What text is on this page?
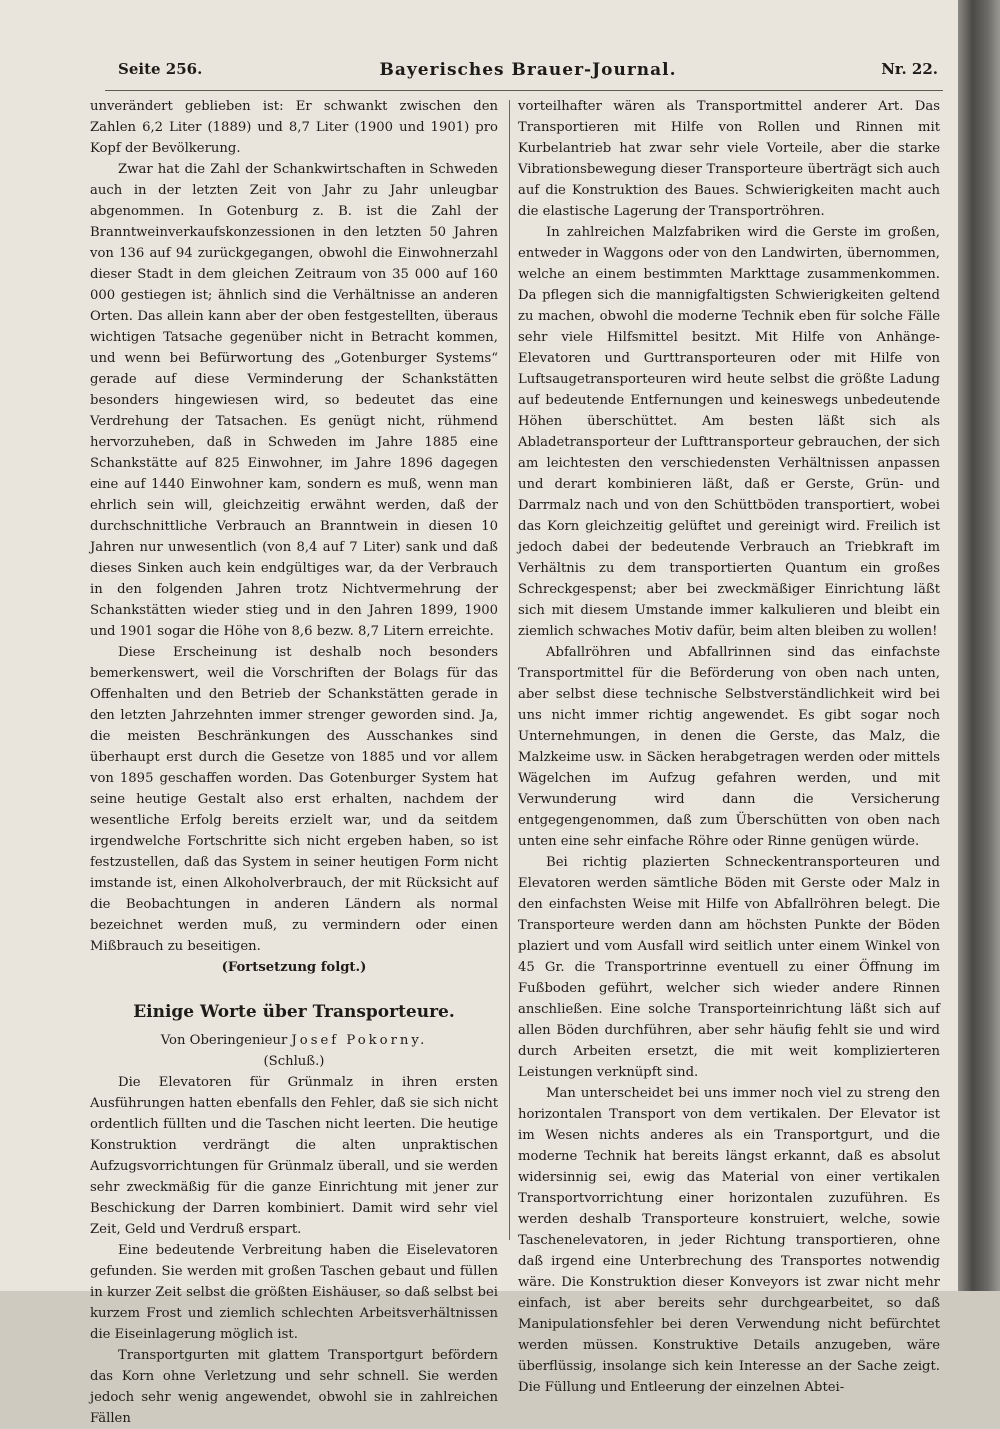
Seite 256.	Bayerisches Brauer-Journal.	Nr. 22.

unverändert geblieben ist: Er schwankt zwischen den Zahlen 6,2 Liter (1889) und 8,7 Liter (1900 und 1901) pro Kopf der Bevölkerung.

Zwar hat die Zahl der Schankwirtschaften in Schweden auch in der letzten Zeit von Jahr zu Jahr unleugbar abgenommen. In Gotenburg z. B. ist die Zahl der Branntweinverkaufskonzessionen in den letzten 50 Jahren von 136 auf 94 zurückgegangen, obwohl die Einwohnerzahl dieser Stadt in dem gleichen Zeitraum von 35 000 auf 160 000 gestiegen ist; ähnlich sind die Verhältnisse an anderen Orten. Das allein kann aber der oben festgestellten, überaus wichtigen Tatsache gegenüber nicht in Betracht kommen, und wenn bei Befürwortung des „Gotenburger Systems“ gerade auf diese Verminderung der Schankstätten besonders hingewiesen wird, so bedeutet das eine Verdrehung der Tatsachen. Es genügt nicht, rühmend hervorzuheben, daß in Schweden im Jahre 1885 eine Schankstätte auf 825 Einwohner, im Jahre 1896 dagegen eine auf 1440 Einwohner kam, sondern es muß, wenn man ehrlich sein will, gleichzeitig erwähnt werden, daß der durchschnittliche Verbrauch an Branntwein in diesen 10 Jahren nur unwesentlich (von 8,4 auf 7 Liter) sank und daß dieses Sinken auch kein endgültiges war, da der Verbrauch in den folgenden Jahren trotz Nichtvermehrung der Schankstätten wieder stieg und in den Jahren 1899, 1900 und 1901 sogar die Höhe von 8,6 bezw. 8,7 Litern erreichte.

Diese Erscheinung ist deshalb noch besonders bemerkenswert, weil die Vorschriften der Bolags für das Offenhalten und den Betrieb der Schankstätten gerade in den letzten Jahrzehnten immer strenger geworden sind. Ja, die meisten Beschränkungen des Ausschankes sind überhaupt erst durch die Gesetze von 1885 und vor allem von 1895 geschaffen worden. Das Gotenburger System hat seine heutige Gestalt also erst erhalten, nachdem der wesentliche Erfolg bereits erzielt war, und da seitdem irgendwelche Fortschritte sich nicht ergeben haben, so ist festzustellen, daß das System in seiner heutigen Form nicht imstande ist, einen Alkoholverbrauch, der mit Rücksicht auf die Beobachtungen in anderen Ländern als normal bezeichnet werden muß, zu vermindern oder einen Mißbrauch zu beseitigen.

(Fortsetzung folgt.)

Einige Worte über Transporteure.

Von Oberingenieur Josef Pokorny.

(Schluß.)

Die Elevatoren für Grünmalz in ihren ersten Ausführungen hatten ebenfalls den Fehler, daß sie sich nicht ordentlich füllten und die Taschen nicht leerten. Die heutige Konstruktion verdrängt die alten unpraktischen Aufzugsvorrichtungen für Grünmalz überall, und sie werden sehr zweckmäßig für die ganze Einrichtung mit jener zur Beschickung der Darren kombiniert. Damit wird sehr viel Zeit, Geld und Verdruß erspart.

Eine bedeutende Verbreitung haben die Eiselevatoren gefunden. Sie werden mit großen Taschen gebaut und füllen in kurzer Zeit selbst die größten Eishäuser, so daß selbst bei kurzem Frost und ziemlich schlechten Arbeitsverhältnissen die Eiseinlagerung möglich ist.

Transportgurten mit glattem Transportgurt befördern das Korn ohne Verletzung und sehr schnell. Sie werden jedoch sehr wenig angewendet, obwohl sie in zahlreichen Fällen

vorteilhafter wären als Transportmittel anderer Art. Das Transportieren mit Hilfe von Rollen und Rinnen mit Kurbelantrieb hat zwar sehr viele Vorteile, aber die starke Vibrationsbewegung dieser Transporteure überträgt sich auch auf die Konstruktion des Baues. Schwierigkeiten macht auch die elastische Lagerung der Transportröhren.

In zahlreichen Malzfabriken wird die Gerste im großen, entweder in Waggons oder von den Landwirten, übernommen, welche an einem bestimmten Markttage zusammenkommen. Da pflegen sich die mannigfaltigsten Schwierigkeiten geltend zu machen, obwohl die moderne Technik eben für solche Fälle sehr viele Hilfsmittel besitzt. Mit Hilfe von Anhänge-Elevatoren und Gurttransporteuren oder mit Hilfe von Luftsaugetransporteuren wird heute selbst die größte Ladung auf bedeutende Entfernungen und keineswegs unbedeutende Höhen überschüttet. Am besten läßt sich als Abladetransporteur der Lufttransporteur gebrauchen, der sich am leichtesten den verschiedensten Verhältnissen anpassen und derart kombinieren läßt, daß er Gerste, Grün- und Darrmalz nach und von den Schüttböden transportiert, wobei das Korn gleichzeitig gelüftet und gereinigt wird. Freilich ist jedoch dabei der bedeutende Verbrauch an Triebkraft im Verhältnis zu dem transportierten Quantum ein großes Schreckgespenst; aber bei zweckmäßiger Einrichtung läßt sich mit diesem Umstande immer kalkulieren und bleibt ein ziemlich schwaches Motiv dafür, beim alten bleiben zu wollen!

Abfallröhren und Abfallrinnen sind das einfachste Transportmittel für die Beförderung von oben nach unten, aber selbst diese technische Selbstverständlichkeit wird bei uns nicht immer richtig angewendet. Es gibt sogar noch Unternehmungen, in denen die Gerste, das Malz, die Malzkeime usw. in Säcken herabgetragen werden oder mittels Wägelchen im Aufzug gefahren werden, und mit Verwunderung wird dann die Versicherung entgegengenommen, daß zum Überschütten von oben nach unten eine sehr einfache Röhre oder Rinne genügen würde.

Bei richtig plazierten Schneckentransporteuren und Elevatoren werden sämtliche Böden mit Gerste oder Malz in den einfachsten Weise mit Hilfe von Abfallröhren belegt. Die Transporteure werden dann am höchsten Punkte der Böden plaziert und vom Ausfall wird seitlich unter einem Winkel von 45 Gr. die Transportrinne eventuell zu einer Öffnung im Fußboden geführt, welcher sich wieder andere Rinnen anschließen. Eine solche Transporteinrichtung läßt sich auf allen Böden durchführen, aber sehr häufig fehlt sie und wird durch Arbeiten ersetzt, die mit weit komplizierteren Leistungen verknüpft sind.

Man unterscheidet bei uns immer noch viel zu streng den horizontalen Transport von dem vertikalen. Der Elevator ist im Wesen nichts anderes als ein Transportgurt, und die moderne Technik hat bereits längst erkannt, daß es absolut widersinnig sei, ewig das Material von einer vertikalen Transportvorrichtung einer horizontalen zuzuführen. Es werden deshalb Transporteure konstruiert, welche, sowie Taschenelevatoren, in jeder Richtung transportieren, ohne daß irgend eine Unterbrechung des Transportes notwendig wäre. Die Konstruktion dieser Konveyors ist zwar nicht mehr einfach, ist aber bereits sehr durchgearbeitet, so daß Manipulationsfehler bei deren Verwendung nicht befürchtet werden müssen. Konstruktive Details anzugeben, wäre überflüssig, insolange sich kein Interesse an der Sache zeigt. Die Füllung und Entleerung der einzelnen Abtei-
